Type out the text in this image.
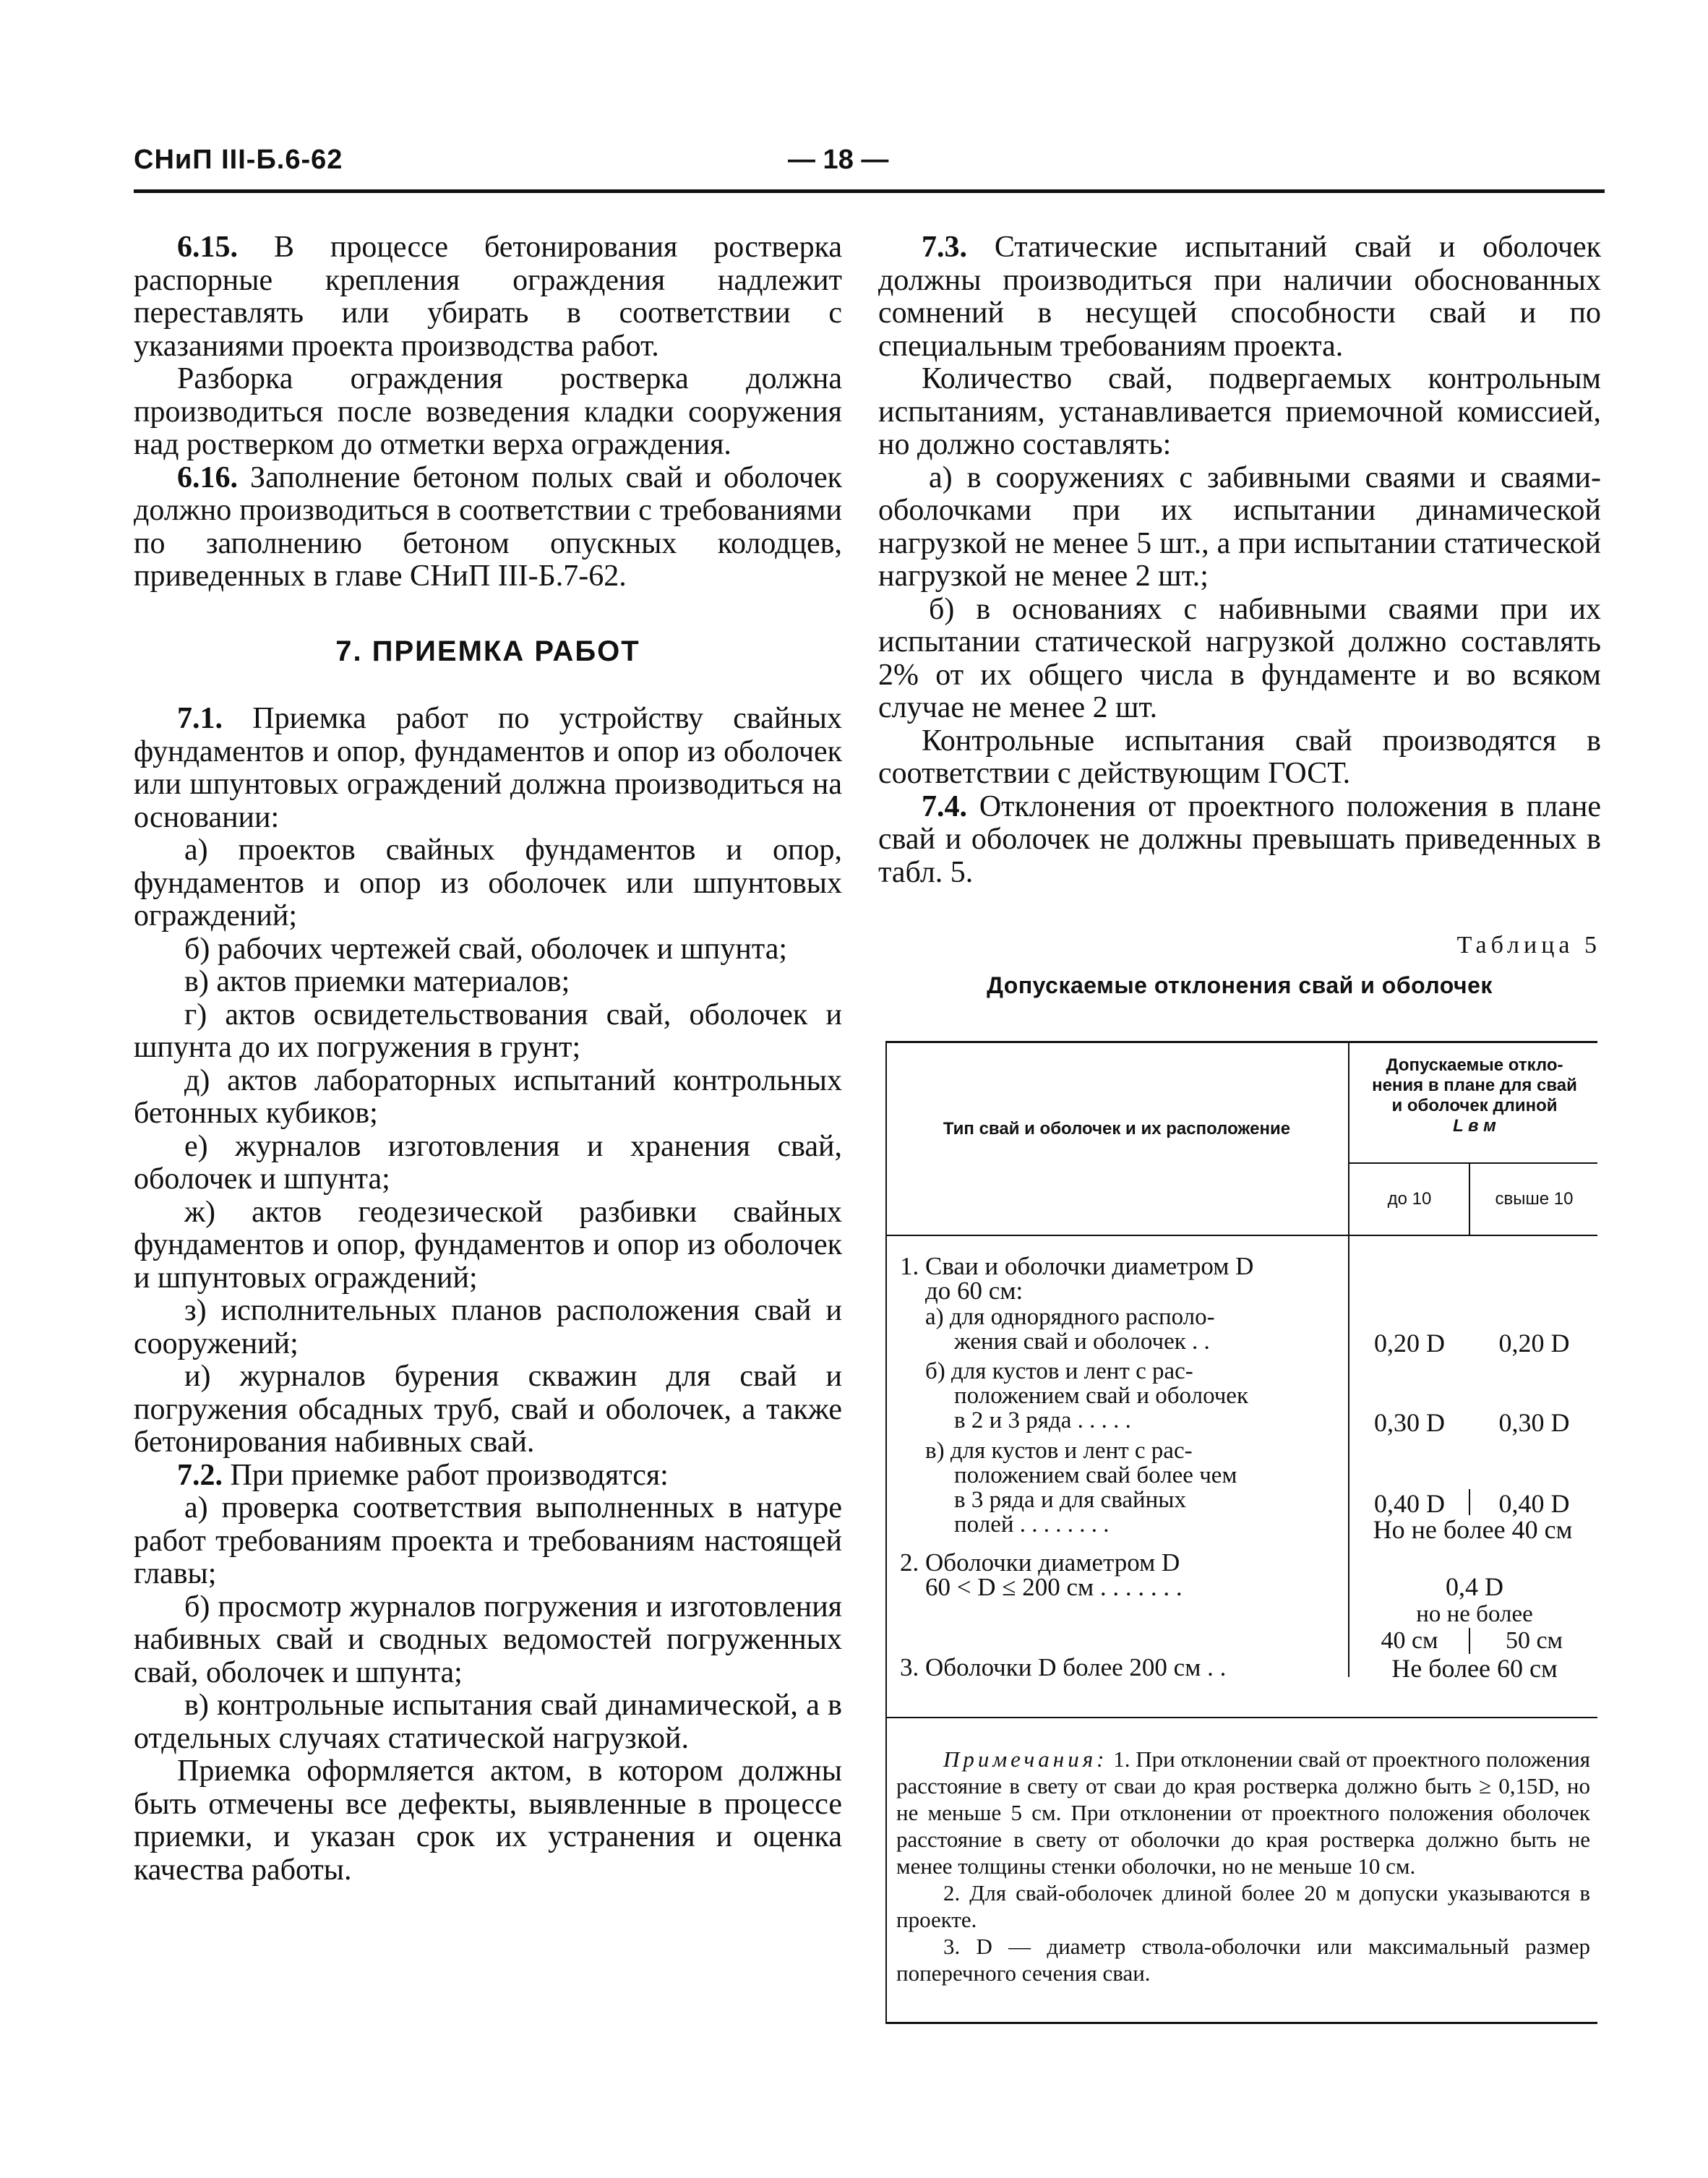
СНиП III-Б.6-62	— 18 —

6.15. В процессе бетонирования ростверка распорные крепления ограждения надлежит переставлять или убирать в соответствии с указаниями проекта производства работ.

Разборка ограждения ростверка должна производиться после возведения кладки сооружения над ростверком до отметки верха ограждения.

6.16. Заполнение бетоном полых свай и оболочек должно производиться в соответствии с требованиями по заполнению бетоном опускных колодцев, приведенных в главе СНиП III-Б.7-62.

7. ПРИЕМКА РАБОТ

7.1. Приемка работ по устройству свайных фундаментов и опор, фундаментов и опор из оболочек или шпунтовых ограждений должна производиться на основании:

а) проектов свайных фундаментов и опор, фундаментов и опор из оболочек или шпунтовых ограждений;

б) рабочих чертежей свай, оболочек и шпунта;

в) актов приемки материалов;

г) актов освидетельствования свай, оболочек и шпунта до их погружения в грунт;

д) актов лабораторных испытаний контрольных бетонных кубиков;

е) журналов изготовления и хранения свай, оболочек и шпунта;

ж) актов геодезической разбивки свайных фундаментов и опор, фундаментов и опор из оболочек и шпунтовых ограждений;

з) исполнительных планов расположения свай и сооружений;

и) журналов бурения скважин для свай и погружения обсадных труб, свай и оболочек, а также бетонирования набивных свай.

7.2. При приемке работ производятся:

а) проверка соответствия выполненных в натуре работ требованиям проекта и требованиям настоящей главы;

б) просмотр журналов погружения и изготовления набивных свай и сводных ведомостей погруженных свай, оболочек и шпунта;

в) контрольные испытания свай динамической, а в отдельных случаях статической нагрузкой.

Приемка оформляется актом, в котором должны быть отмечены все дефекты, выявленные в процессе приемки, и указан срок их устранения и оценка качества работы.

7.3. Статические испытаний свай и оболочек должны производиться при наличии обоснованных сомнений в несущей способности свай и по специальным требованиям проекта.

Количество свай, подвергаемых контрольным испытаниям, устанавливается приемочной комиссией, но должно составлять:

а) в сооружениях с забивными сваями и сваями-оболочками при их испытании динамической нагрузкой не менее 5 шт., а при испытании статической нагрузкой не менее 2 шт.;

б) в основаниях с набивными сваями при их испытании статической нагрузкой должно составлять 2% от их общего числа в фундаменте и во всяком случае не менее 2 шт.

Контрольные испытания свай производятся в соответствии с действующим ГОСТ.

7.4. Отклонения от проектного положения в плане свай и оболочек не должны превышать приведенных в табл. 5.

Таблица 5
Допускаемые отклонения свай и оболочек
Тип свай и оболочек и их расположение
Допускаемые откло-
нения в плане для свай
и оболочек длиной
L в м
до 10	свыше 10
1. Сваи и оболочки диаметром D
до 60 см:
а) для однорядного располо-
жения свай и оболочек . .	0,20 D	0,20 D
б) для кустов и лент с рас-
положением свай и оболочек
в 2 и 3 ряда . . . . .	0,30 D	0,30 D
в) для кустов и лент с рас-
положением свай более чем
в 3 ряда и для свайных
полей . . . . . . . .
0,40 D	0,40 D
Но не более 40 см
2. Оболочки диаметром D
60 < D ≤ 200 см . . . . . . .	0,4 D
но не более
40 см	50 см
3. Оболочки D более 200 см . .	Не более 60 см

Примечания: 1. При отклонении свай от проектного положения расстояние в свету от сваи до края ростверка должно быть ≥ 0,15D, но не меньше 5 см. При отклонении от проектного положения оболочек расстояние в свету от оболочки до края ростверка должно быть не менее толщины стенки оболочки, но не меньше 10 см.

2. Для свай-оболочек длиной более 20 м допуски указываются в проекте.

3. D — диаметр ствола-оболочки или максимальный размер поперечного сечения сваи.
